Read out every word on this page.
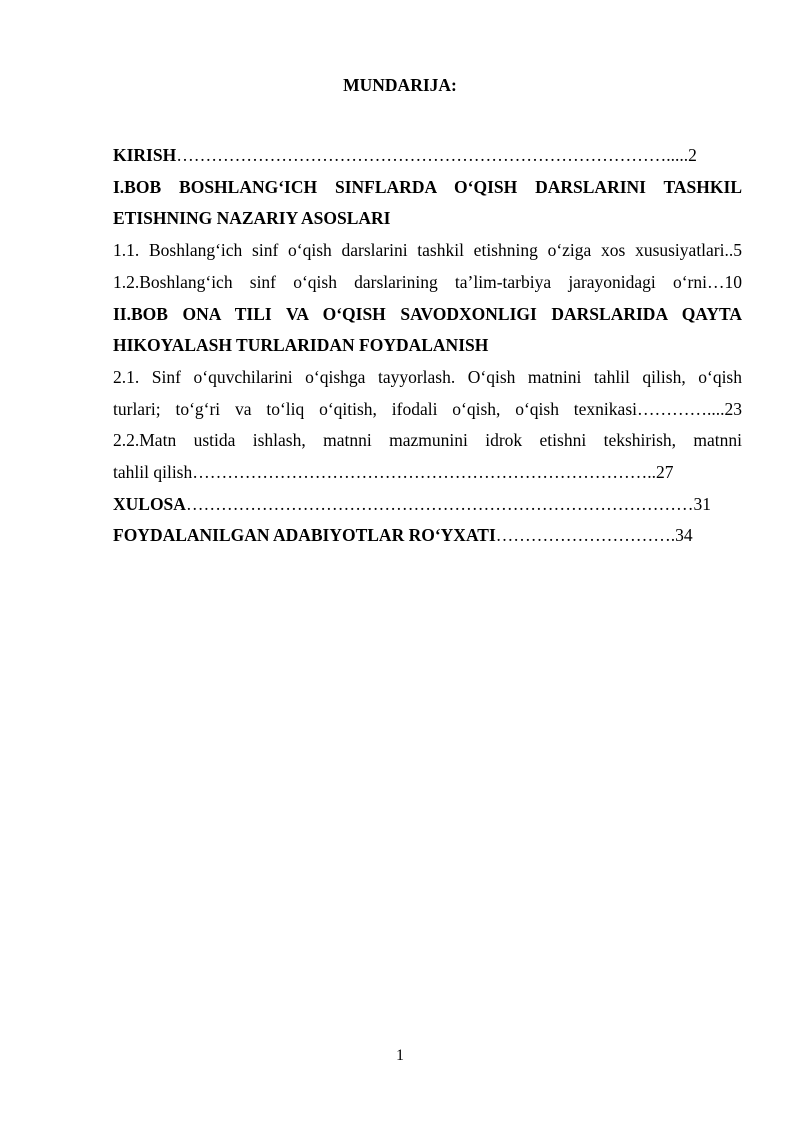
MUNDARIJA:
KIRISH………………………………………………………………………….....2
I.BOB BOSHLANG‘ICH SINFLARDA O‘QISH DARSLARINI TASHKIL
ETISHNING NAZARIY ASOSLARI
1.1. Boshlang‘ich sinf o‘qish darslarini tashkil etishning o‘ziga xos xususiyatlari..5
1.2.Boshlang‘ich sinf o‘qish darslarining ta’lim-tarbiya jarayonidagi o‘rni…10
II.BOB ONA TILI VA O‘QISH SAVODXONLIGI DARSLARIDA QAYTA
HIKOYALASH TURLARIDAN FOYDALANISH
2.1. Sinf o‘quvchilarini o‘qishga tayyorlash. O‘qish matnini tahlil qilish, o‘qish
turlari; to‘g‘ri va to‘liq o‘qitish, ifodali o‘qish, o‘qish texnikasi…………....23
2.2.Matn ustida ishlash, matnni mazmunini idrok etishni tekshirish, matnni
tahlil qilish……………………………………………………………………..27
XULOSA……………………………………………………………………………31
FOYDALANILGAN ADABIYOTLAR RO‘YXATI………………………….34
1
